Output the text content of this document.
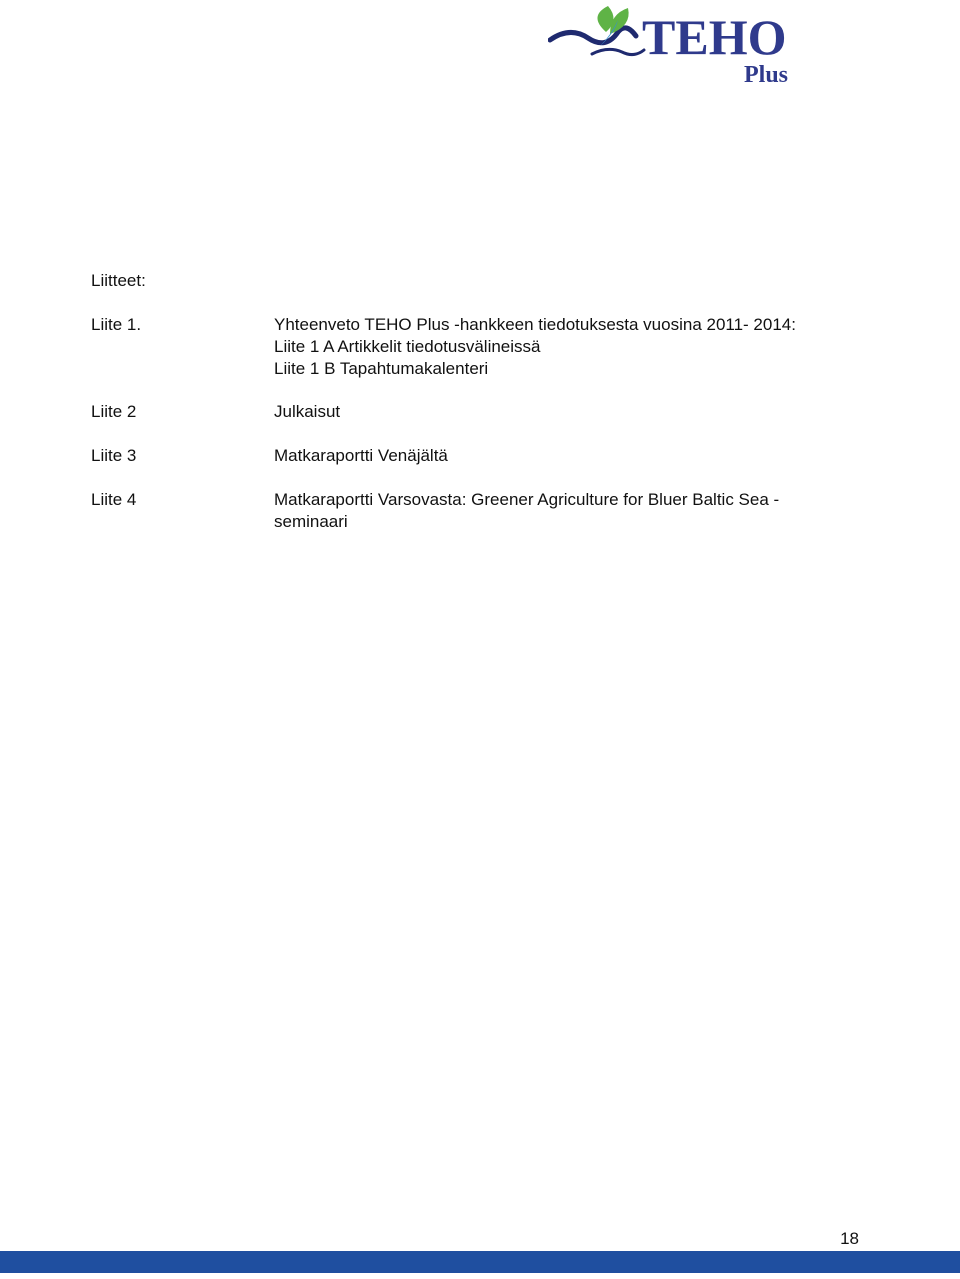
TEHO
Plus
Liitteet:
Liite 1.	Yhteenveto TEHO Plus -hankkeen tiedotuksesta vuosina 2011- 2014:
Liite 1 A Artikkelit tiedotusvälineissä
Liite 1 B Tapahtumakalenteri
Liite 2	Julkaisut
Liite 3	Matkaraportti Venäjältä
Liite 4	Matkaraportti Varsovasta: Greener Agriculture for Bluer Baltic Sea -
seminaari
18
